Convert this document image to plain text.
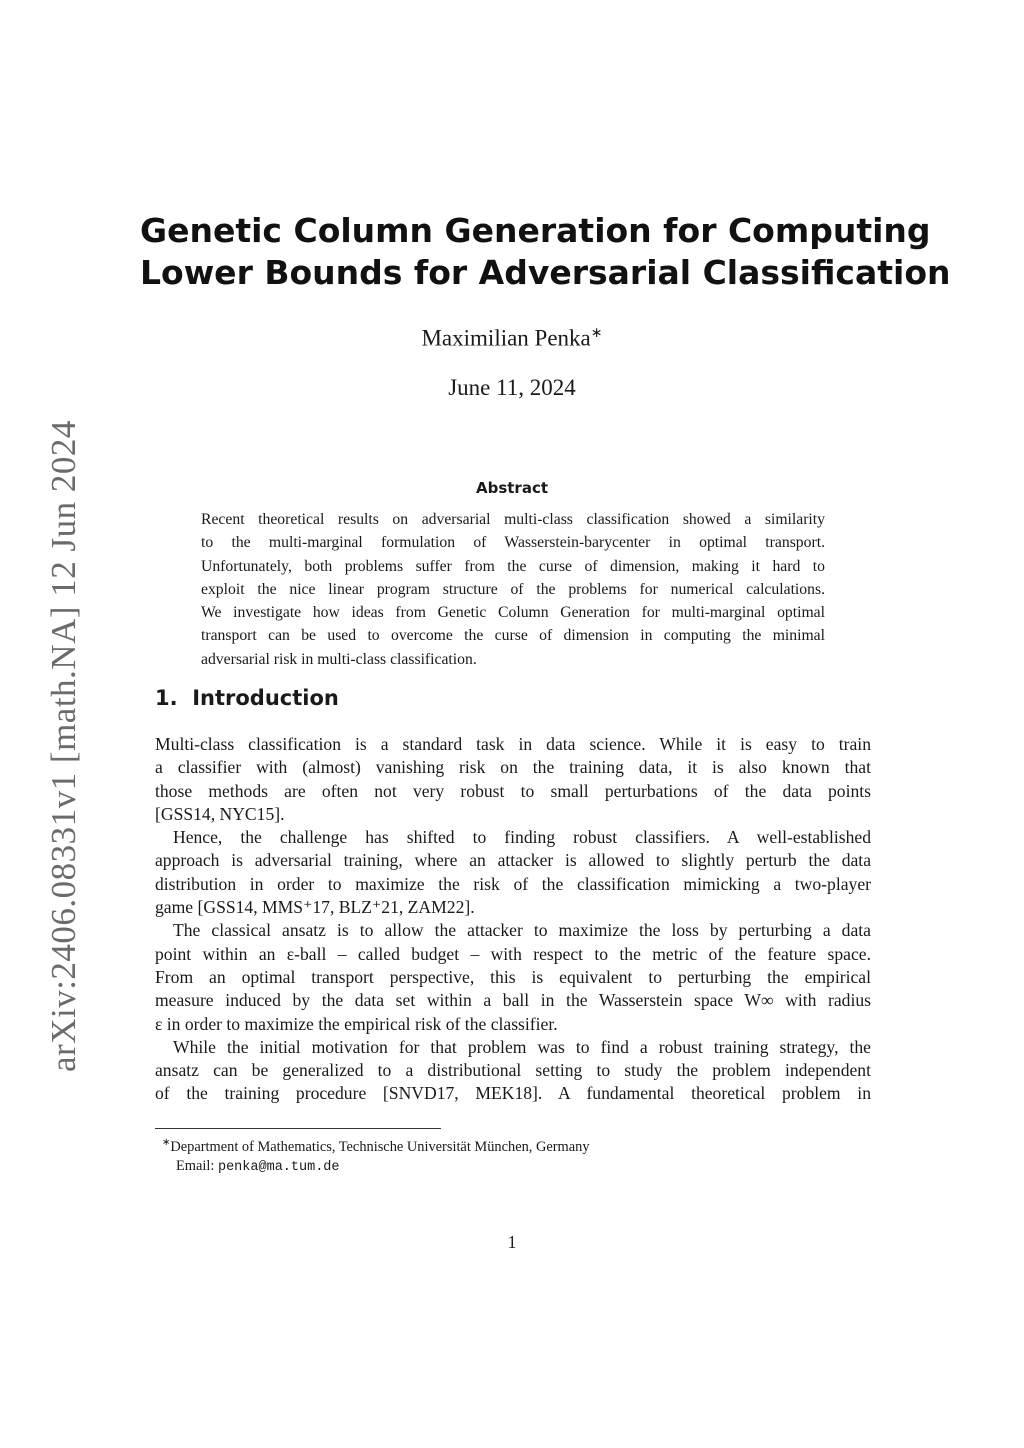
arXiv:2406.08331v1 [math.NA] 12 Jun 2024
Genetic Column Generation for Computing
Lower Bounds for Adversarial Classification
Maximilian Penka∗
June 11, 2024
Abstract
Recent theoretical results on adversarial multi-class classification showed a similarity
to the multi-marginal formulation of Wasserstein-barycenter in optimal transport.
Unfortunately, both problems suffer from the curse of dimension, making it hard to
exploit the nice linear program structure of the problems for numerical calculations.
We investigate how ideas from Genetic Column Generation for multi-marginal optimal
transport can be used to overcome the curse of dimension in computing the minimal
adversarial risk in multi-class classification.
1. Introduction
Multi-class classification is a standard task in data science. While it is easy to train
a classifier with (almost) vanishing risk on the training data, it is also known that
those methods are often not very robust to small perturbations of the data points
[GSS14, NYC15].
Hence, the challenge has shifted to finding robust classifiers. A well-established
approach is adversarial training, where an attacker is allowed to slightly perturb the data
distribution in order to maximize the risk of the classification mimicking a two-player
game [GSS14, MMS⁺17, BLZ⁺21, ZAM22].
The classical ansatz is to allow the attacker to maximize the loss by perturbing a data
point within an ε-ball – called budget – with respect to the metric of the feature space.
From an optimal transport perspective, this is equivalent to perturbing the empirical
measure induced by the data set within a ball in the Wasserstein space W∞ with radius
ε in order to maximize the empirical risk of the classifier.
While the initial motivation for that problem was to find a robust training strategy, the
ansatz can be generalized to a distributional setting to study the problem independent
of the training procedure [SNVD17, MEK18]. A fundamental theoretical problem in
∗Department of Mathematics, Technische Universität München, Germany
Email: penka@ma.tum.de
1
